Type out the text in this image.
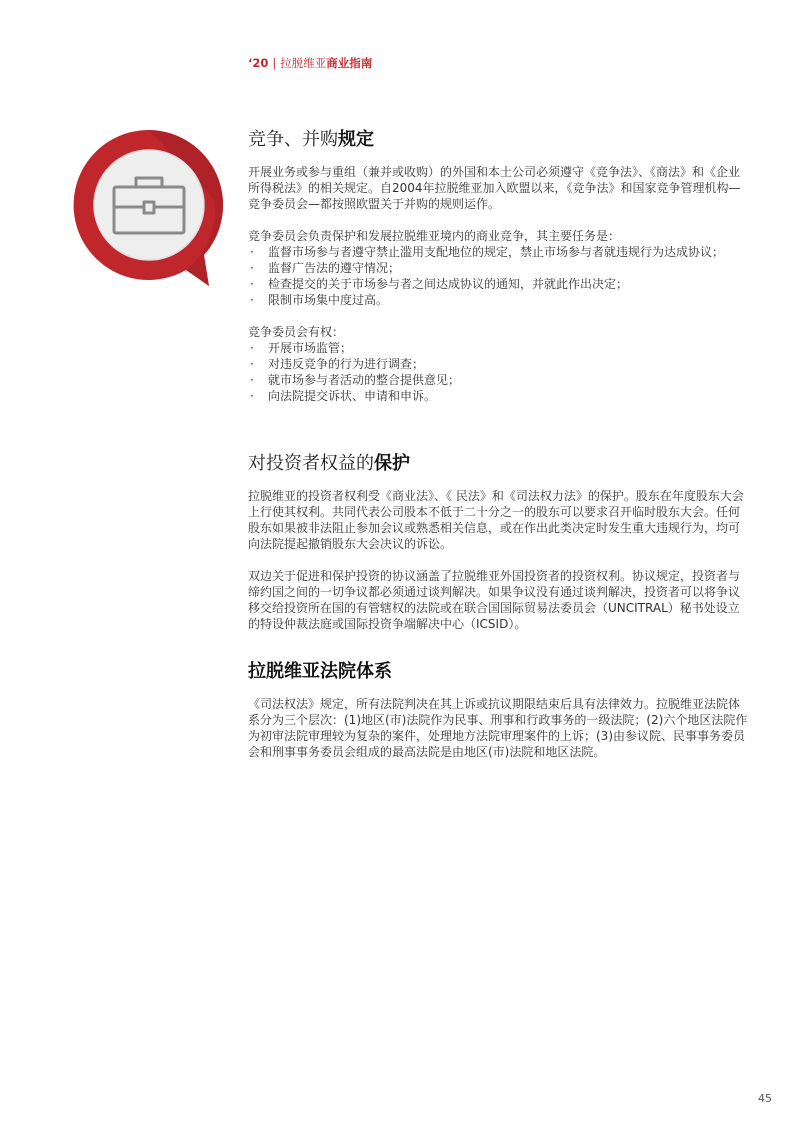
‘20 | 拉脱维亚商业指南
竞争、并购规定

开展业务或参与重组（兼并或收购）的外国和本土公司必须遵守《竞争法》、《商法》和《企业所得税法》的相关规定。自2004年拉脱维亚加入欧盟以来，《竞争法》和国家竞争管理机构—竞争委员会—都按照欧盟关于并购的规则运作。

竞争委员会负责保护和发展拉脱维亚境内的商业竞争，其主要任务是：

· 监督市场参与者遵守禁止滥用支配地位的规定，禁止市场参与者就违规行为达成协议；
· 监督广告法的遵守情况；
· 检查提交的关于市场参与者之间达成协议的通知，并就此作出决定；
· 限制市场集中度过高。

竞争委员会有权：

· 开展市场监管；
· 对违反竞争的行为进行调查；
· 就市场参与者活动的整合提供意见；
· 向法院提交诉状、申请和申诉。
对投资者权益的保护

拉脱维亚的投资者权利受《商业法》、《 民法》和《司法权力法》的保护。股东在年度股东大会上行使其权利。共同代表公司股本不低于二十分之一的股东可以要求召开临时股东大会。任何股东如果被非法阻止参加会议或熟悉相关信息，或在作出此类决定时发生重大违规行为，均可向法院提起撤销股东大会决议的诉讼。

双边关于促进和保护投资的协议涵盖了拉脱维亚外国投资者的投资权利。协议规定，投资者与缔约国之间的一切争议都必须通过谈判解决。如果争议没有通过谈判解决，投资者可以将争议移交给投资所在国的有管辖权的法院或在联合国国际贸易法委员会（UNCITRAL）秘书处设立的特设仲裁法庭或国际投资争端解决中心（ICSID）。

拉脱维亚法院体系

《司法权法》规定，所有法院判决在其上诉或抗议期限结束后具有法律效力。拉脱维亚法院体系分为三个层次：(1)地区(市)法院作为民事、刑事和行政事务的一级法院；(2)六个地区法院作为初审法院审理较为复杂的案件，处理地方法院审理案件的上诉；(3)由参议院、民事事务委员会和刑事事务委员会组成的最高法院是由地区(市)法院和地区法院。

45
